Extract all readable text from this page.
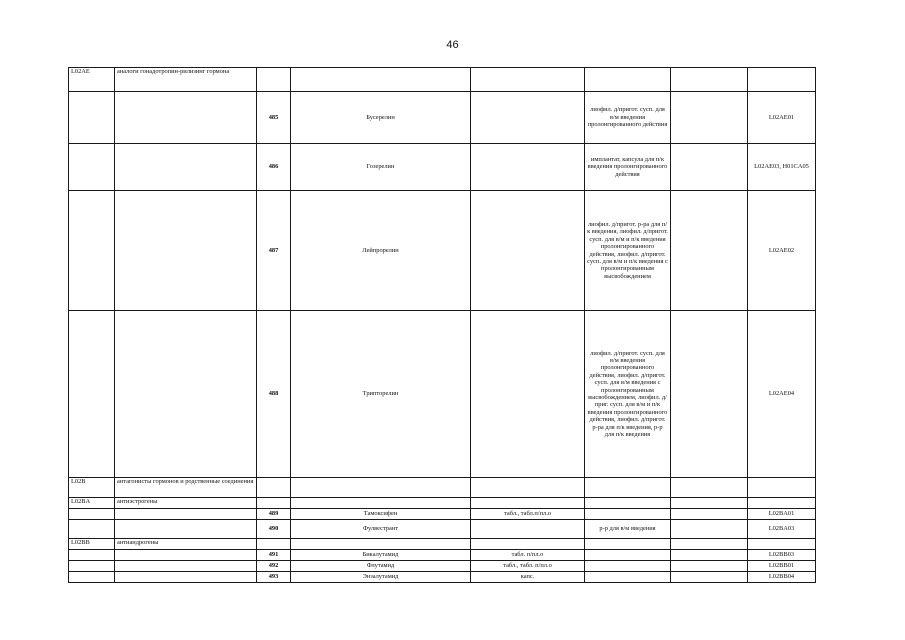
46
L02AE	аналоги гонадотропин-рилизинг гормона						
		485	Бусерелин		лиофил. д/пригот. сусп. для в/м введения пролонгированного действия		L02AE01
		486	Гозерелин		имплантат, капсула для п/к введения пролонгированного действия		L02AE03, H01CA05
		487	Лейпрорелин		лиофил. д/пригот. р-ра для п/к введения, лиофил. д/пригот. сусп. для в/м и п/к введения пролонгированного действия, лиофил. д/пригот. сусп. для в/м и п/к введения с пролонгированным высвобождением		L02AE02
		488	Трипторелин		лиофил. д/пригот. сусп. для в/м введения пролонгированного действия, лиофил. д/пригот. сусп. для в/м введения с пролонгированным высвобождением, лиофил. д/приг. сусп. для в/м и п/к введения пролонгированного действия, лиофил. д/пригот. р-ра для п/к введения, р-р для п/к введения		L02AE04
L02B	антагонисты гормонов и родственные соединения						
L02BA	антиэстрогены						
		489	Тамоксифен	табл., табл.п/пл.о			L02BA01
		490	Фулвестрант		р-р для в/м введения		L02BA03
L02BB	антиандрогены						
		491	Бикалутамид	табл. п/пл.о			L02BB03
		492	Флутамид	табл., табл. п/пл.о			L02BB01
		493	Энзалутамид	капс.			L02BB04
